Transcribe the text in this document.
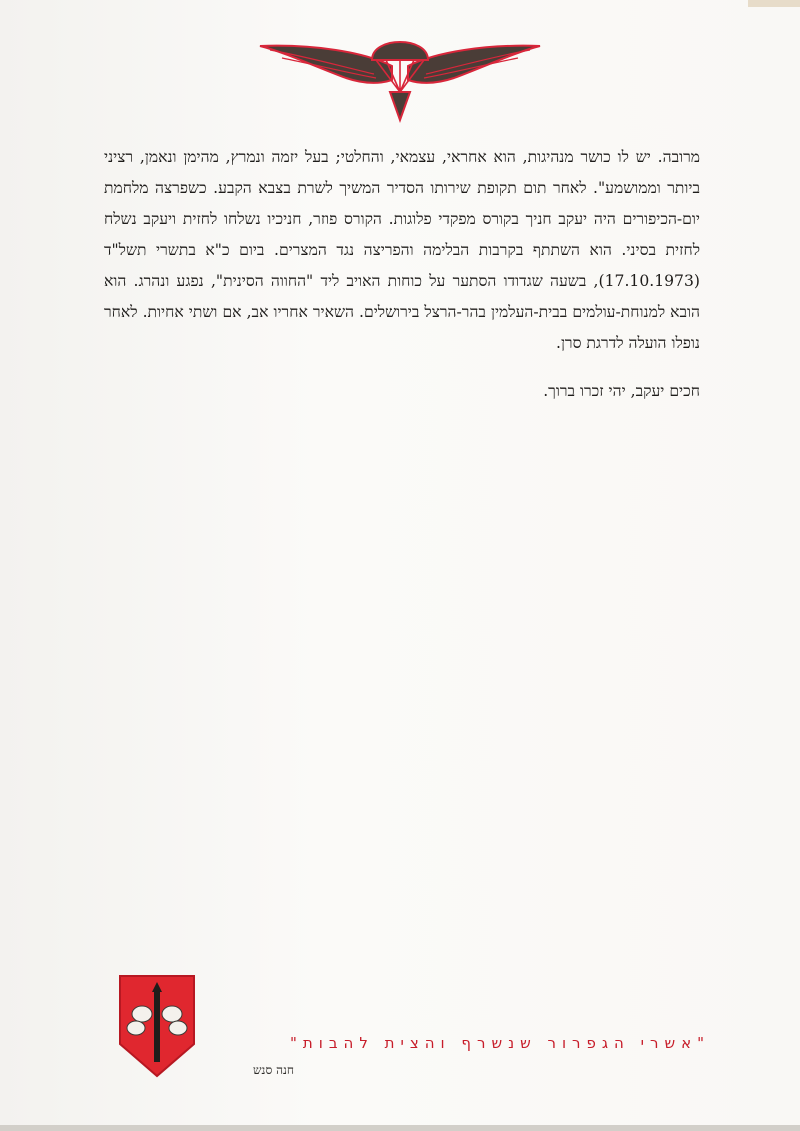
מרובה. יש לו כושר מנהיגות, הוא אחראי, עצמאי, והחלטי; בעל יזמה ונמרץ, מהימן ונאמן, רציני ביותר וממושמע". לאחר תום תקופת שירותו הסדיר המשיך לשרת בצבא הקבע. כשפרצה מלחמת יום-הכיפורים היה יעקב חניך בקורס מפקדי פלוגות. הקורס פוזר, חניכיו נשלחו לחזית ויעקב נשלח לחזית בסיני. הוא השתתף בקרבות הבלימה והפריצה נגד המצרים. ביום כ"א בתשרי תשל"ד (17.10.1973), בשעה שגדודו הסתער על כוחות האויב ליד "החווה הסינית", נפגע ונהרג. הוא הובא למנוחת-עולמים בבית-העלמין בהר-הרצל בירושלים. השאיר אחריו אב, אם ושתי אחיות. לאחר נופלו הועלה לדרגת סרן.

חכים יעקב, יהי זכרו ברוך.

"אשרי הגפרור שנשרף והצית להבות"
חנה סנש
